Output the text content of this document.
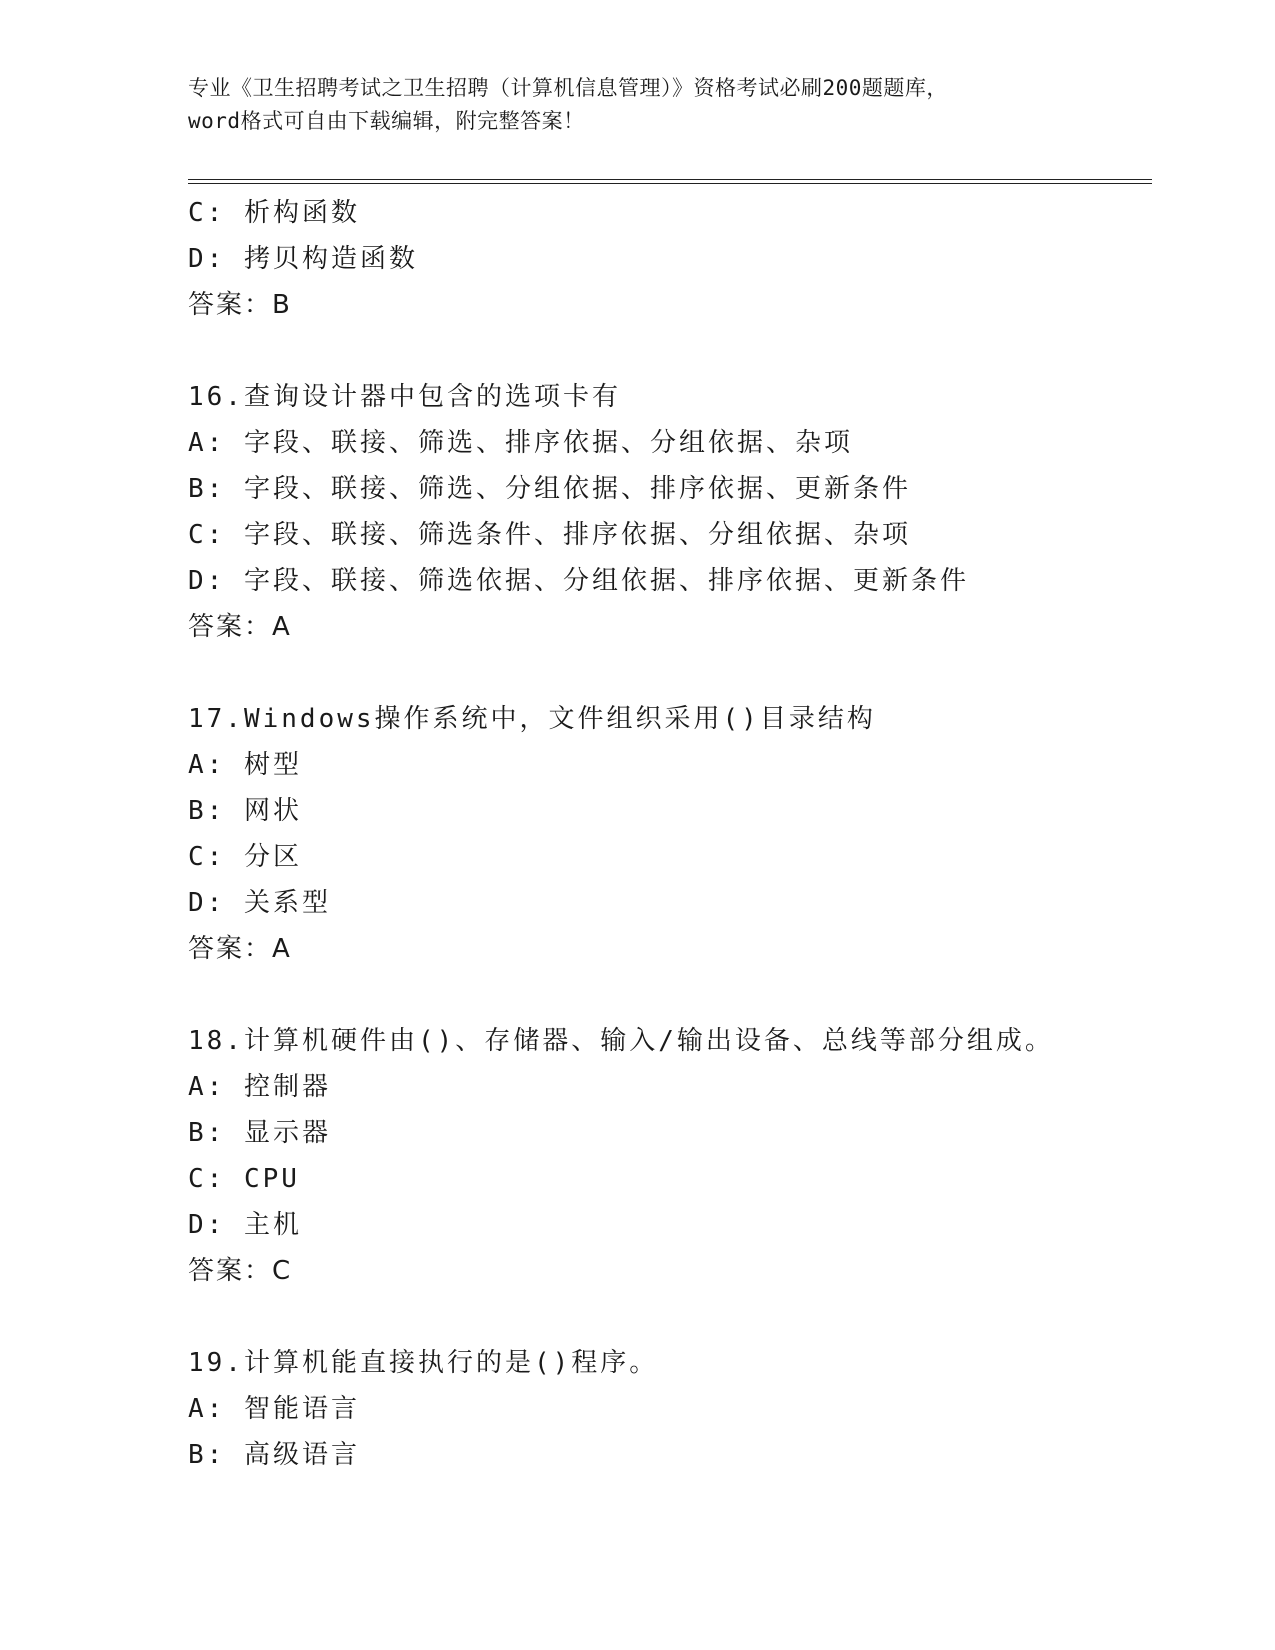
专业《卫生招聘考试之卫生招聘（计算机信息管理）》资格考试必刷200题题库，
word格式可自由下载编辑，附完整答案！
C: 析构函数
D: 拷贝构造函数
答案：B
16.查询设计器中包含的选项卡有
A: 字段、联接、筛选、排序依据、分组依据、杂项
B: 字段、联接、筛选、分组依据、排序依据、更新条件
C: 字段、联接、筛选条件、排序依据、分组依据、杂项
D: 字段、联接、筛选依据、分组依据、排序依据、更新条件
答案：A
17.Windows操作系统中，文件组织采用()目录结构
A: 树型
B: 网状
C: 分区
D: 关系型
答案：A
18.计算机硬件由()、存储器、输入/输出设备、总线等部分组成。
A: 控制器
B: 显示器
C: CPU
D: 主机
答案：C
19.计算机能直接执行的是()程序。
A: 智能语言
B: 高级语言
